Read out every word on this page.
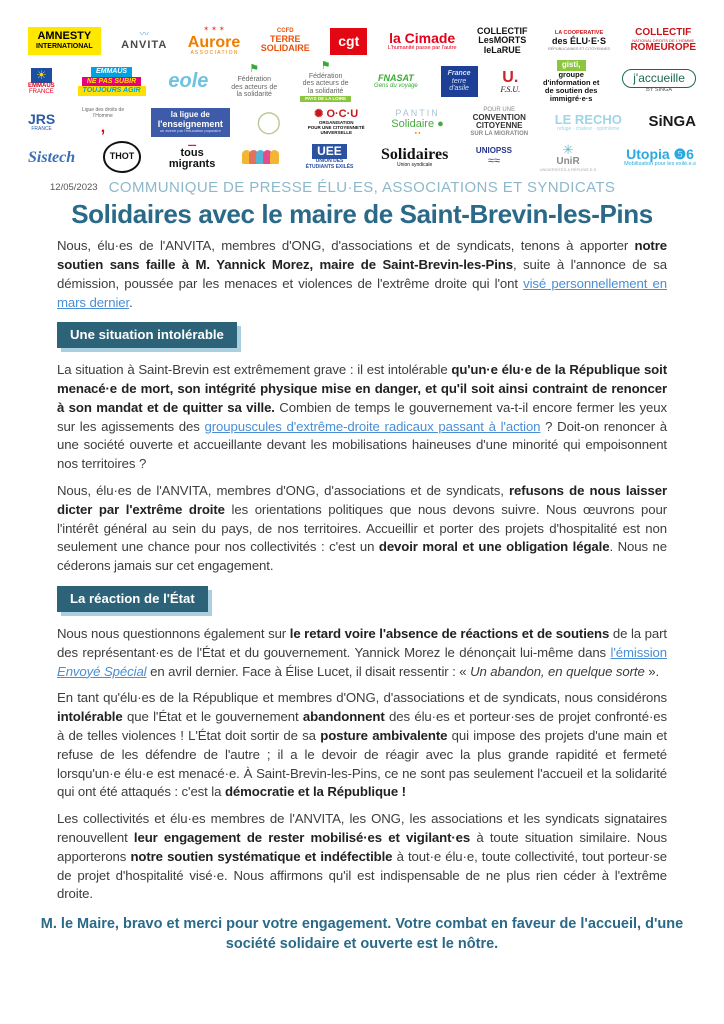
AMNESTY
INTERNATIONAL
〰
ANVITA
✶ ✶ ✶
Aurore
A S S O C I A T I O N
CCFD
TERRE
SOLIDAIRE cgt la Cimade
L'humanité passe par l'autre
COLLECTIF
LesMORTS
leLaRUE
LA COOPERATIVE
des ÉLU·E·S
RÉPUBLICAINES ET CITOYENNES
COLLECTIF
NATIONAL DROITS DE L'HOMME
ROMEUROPE
☀
EMMAÜS
FRANCE
EMMAÜS
NE PAS SUBIR
TOUJOURS AGIR eole
⚑
Fédération
des acteurs de
la solidarité
⚑
Fédération
des acteurs de
la solidarité
PAYS DE LA LOIRE
FNASAT
Gens du voyage
France
terre
d'asile
U.
F.S.U.
gisti,
groupe
d'information et
de soutien des
immigré·e·s
j'accueille
BY SINGA
JRS
FRANCE
Ligue des droits de
l'Homme
,
la ligue de
l'enseignement
un avenir par l'éducation populaire ◯	✺ O·C·U
ORGANISATION
POUR UNE CITOYENNETÉ
UNIVERSELLE
PANTIN
Solidaire ●
● ●
POUR UNE
CONVENTION
CITOYENNE
SUR LA MIGRATION
LE RECHO
refuge · chaleur · optimisme SiNGA
Sistech	THOT
▬▬
tous
migrants
UEE
UNION DES
ÉTUDIANTS EXILÉS
Solidaires
Union syndicale
UNIOPSS
≈≈
✳
UniR
UNIVERSITÉS & RÉFUGIÉ.E.S
Utopia ❺6
Mobilisation pour les exilé.e.s
12/05/2023 COMMUNIQUE DE PRESSE ÉLU·ES, ASSOCIATIONS ET SYNDICATS
Solidaires avec le maire de Saint-Brevin-les-Pins

Nous, élu·es de l'ANVITA, membres d'ONG, d'associations et de syndicats, tenons à apporter notre soutien sans faille à M. Yannick Morez, maire de Saint-Brevin-les-Pins, suite à l'annonce de sa démission, poussée par les menaces et violences de l'extrême droite qui l'ont visé personnellement en mars dernier.

Une situation intolérable

La situation à Saint-Brevin est extrêmement grave : il est intolérable qu'un·e élu·e de la République soit menacé·e de mort, son intégrité physique mise en danger, et qu'il soit ainsi contraint de renoncer à son mandat et de quitter sa ville. Combien de temps le gouvernement va-t-il encore fermer les yeux sur les agissements des groupuscules d'extrême-droite radicaux passant à l'action ? Doit-on renoncer à une société ouverte et accueillante devant les mobilisations haineuses d'une minorité qui empoisonnent nos territoires ?

Nous, élu·es de l'ANVITA, membres d'ONG, d'associations et de syndicats, refusons de nous laisser dicter par l'extrême droite les orientations politiques que nous devons suivre. Nous œuvrons pour l'intérêt général au sein du pays, de nos territoires. Accueillir et porter des projets d'hospitalité est non seulement une chance pour nos collectivités : c'est un devoir moral et une obligation légale. Nous ne céderons jamais sur cet engagement.

La réaction de l'État

Nous nous questionnons également sur le retard voire l'absence de réactions et de soutiens de la part des représentant·es de l'État et du gouvernement. Yannick Morez le dénonçait lui-même dans l'émission Envoyé Spécial en avril dernier. Face à Élise Lucet, il disait ressentir : « Un abandon, en quelque sorte ».

En tant qu'élu·es de la République et membres d'ONG, d'associations et de syndicats, nous considérons intolérable que l'État et le gouvernement abandonnent des élu·es et porteur·ses de projet confronté·es à de telles violences ! L'État doit sortir de sa posture ambivalente qui impose des projets d'une main et refuse de les défendre de l'autre ; il a le devoir de réagir avec la plus grande rapidité et fermeté lorsqu'un·e élu·e est menacé·e. À Saint-Brevin-les-Pins, ce ne sont pas seulement l'accueil et la solidarité qui ont été attaqués : c'est la démocratie et la République !

Les collectivités et élu·es membres de l'ANVITA, les ONG, les associations et les syndicats signataires renouvellent leur engagement de rester mobilisé·es et vigilant·es à toute situation similaire. Nous apporterons notre soutien systématique et indéfectible à tout·e élu·e, toute collectivité, tout porteur·se de projet d'hospitalité visé·e. Nous affirmons qu'il est indispensable de ne plus rien céder à l'extrême droite.

M. le Maire, bravo et merci pour votre engagement. Votre combat en faveur de l'accueil, d'une société solidaire et ouverte est le nôtre.
